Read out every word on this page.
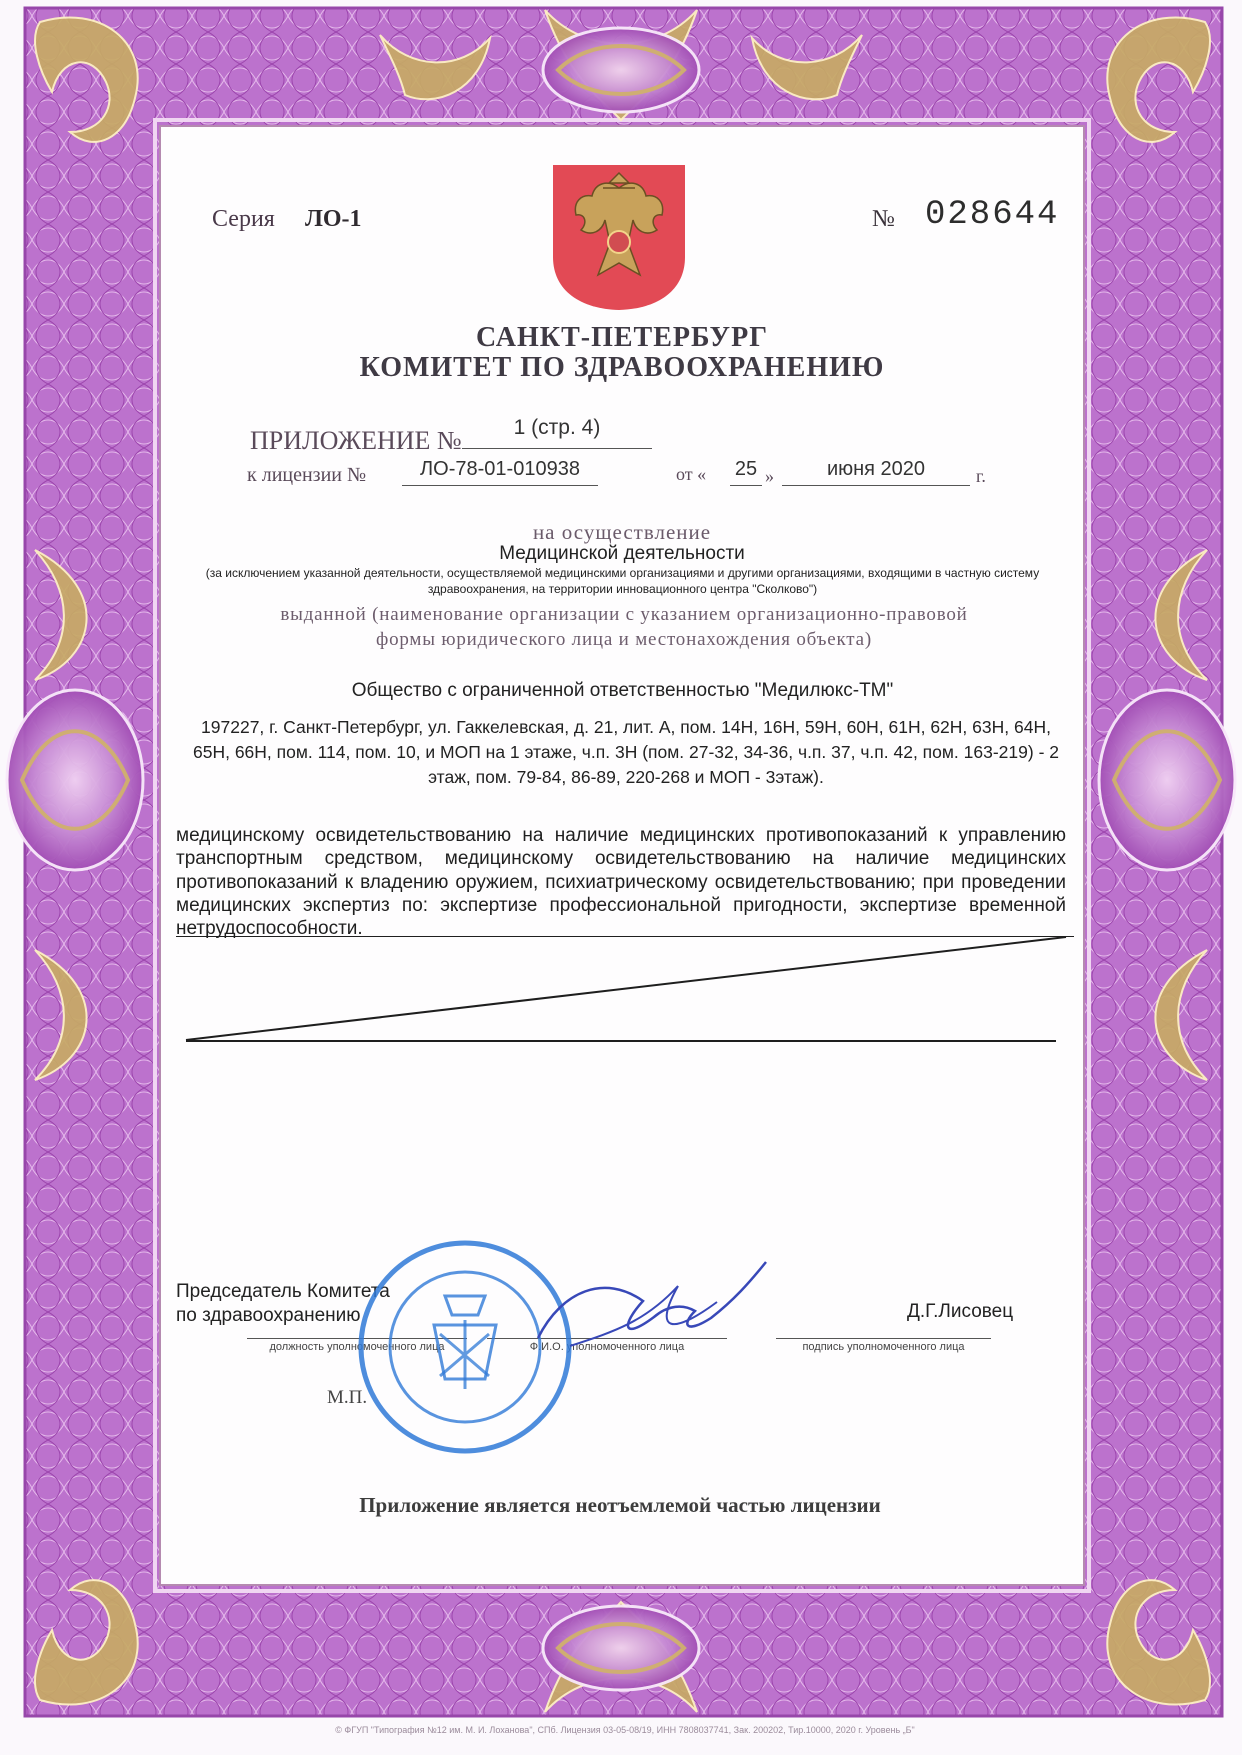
Серия ЛО-1	№ 028644
САНКТ-ПЕТЕРБУРГ
КОМИТЕТ ПО ЗДРАВООХРАНЕНИЮ
ПРИЛОЖЕНИЕ №	1 (стр. 4)
к лицензии №	ЛО-78-01-010938	от « 25 »	июня 2020	г.
на осуществление
Медицинской деятельности
(за исключением указанной деятельности, осуществляемой медицинскими организациями и другими организациями, входящими в частную систему здравоохранения, на территории инновационного центра "Сколково")
выданной (наименование организации с указанием организационно-правовой формы юридического лица и местонахождения объекта)
Общество с ограниченной ответственностью "Медилюкс-ТМ"
197227, г. Санкт-Петербург, ул. Гаккелевская, д. 21, лит. А, пом. 14Н, 16Н, 59Н, 60Н, 61Н, 62Н, 63Н, 64Н, 65Н, 66Н, пом. 114, пом. 10, и МОП на 1 этаже, ч.п. 3Н (пом. 27-32, 34-36, ч.п. 37, ч.п. 42, пом. 163-219) - 2 этаж, пом. 79-84, 86-89, 220-268 и МОП - 3этаж).
медицинскому освидетельствованию на наличие медицинских противопоказаний к управлению транспортным средством, медицинскому освидетельствованию на наличие медицинских противопоказаний к владению оружием, психиатрическому освидетельствованию; при проведении медицинских экспертиз по: экспертизе профессиональной пригодности, экспертизе временной нетрудоспособности.
Председатель Комитета
по здравоохранению	Д.Г.Лисовец
должность уполномоченного лица	Ф.И.О. уполномоченного лица	подпись уполномоченного лица
М.П.
Приложение является неотъемлемой частью лицензии
© ФГУП "Типография №12 им. М. И. Лоханова", СПб. Лицензия 03-05-08/19, ИНН 7808037741, Зак. 200202, Тир.10000, 2020 г. Уровень „Б"
